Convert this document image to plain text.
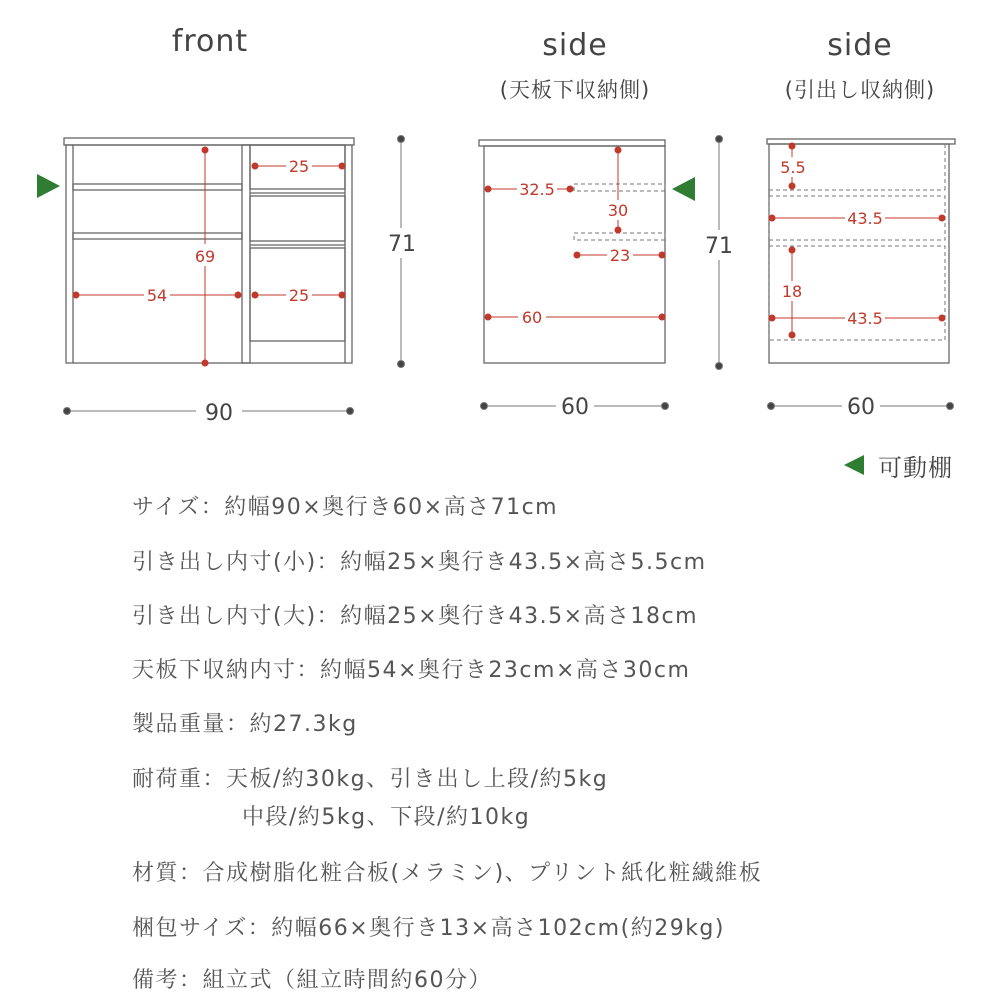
front	side
(天板下収納側)
side
(引出し収納側)
69
25
54	25
90
71
32.5
30
23
60
60
71
5.5
43.5
18
43.5
60
可動棚
サイズ：約幅90×奥行き60×高さ71cm
引き出し内寸(小)：約幅25×奥行き43.5×高さ5.5cm
引き出し内寸(大)：約幅25×奥行き43.5×高さ18cm
天板下収納内寸：約幅54×奥行き23cm×高さ30cm
製品重量：約27.3kg
耐荷重：天板/約30kg、引き出し上段/約5kg
中段/約5kg、下段/約10kg
材質：合成樹脂化粧合板(メラミン)、プリント紙化粧繊維板
梱包サイズ：約幅66×奥行き13×高さ102cm(約29kg)
備考：組立式（組立時間約60分）
